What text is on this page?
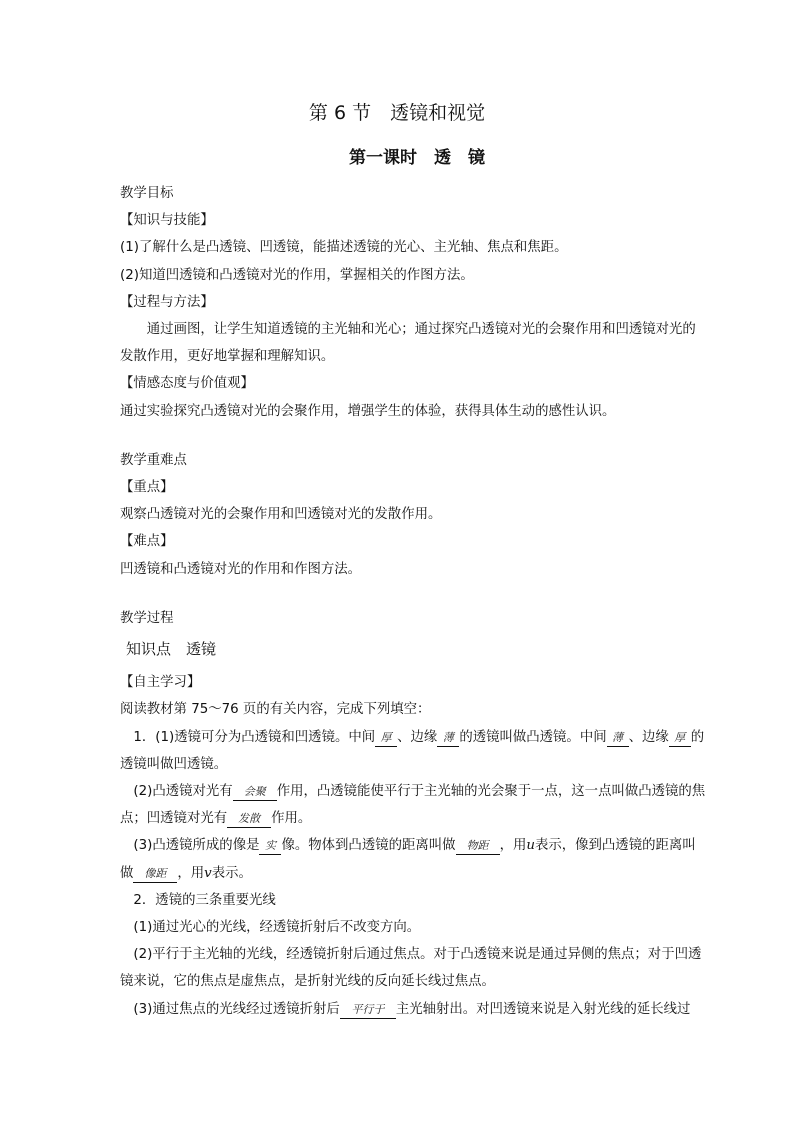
第 6 节　透镜和视觉
第一课时　透　镜

教学目标

【知识与技能】

(1)了解什么是凸透镜、凹透镜，能描述透镜的光心、主光轴、焦点和焦距。

(2)知道凹透镜和凸透镜对光的作用，掌握相关的作图方法。

【过程与方法】

通过画图，让学生知道透镜的主光轴和光心；通过探究凸透镜对光的会聚作用和凹透镜对光的发散作用，更好地掌握和理解知识。

【情感态度与价值观】

通过实验探究凸透镜对光的会聚作用，增强学生的体验，获得具体生动的感性认识。

教学重难点

【重点】

观察凸透镜对光的会聚作用和凹透镜对光的发散作用。

【难点】

凹透镜和凸透镜对光的作用和作图方法。

教学过程

知识点　透镜

【自主学习】

阅读教材第 75～76 页的有关内容，完成下列填空：

1．(1)透镜可分为凸透镜和凹透镜。中间 厚 、边缘 薄 的透镜叫做凸透镜。中间 薄 、边缘 厚 的透镜叫做凹透镜。

(2)凸透镜对光有 会聚 作用，凸透镜能使平行于主光轴的光会聚于一点，这一点叫做凸透镜的焦点；凹透镜对光有 发散 作用。

(3)凸透镜所成的像是 实 像。物体到凸透镜的距离叫做 物距 ，用u表示，像到凸透镜的距离叫做 像距 ，用v表示。

2．透镜的三条重要光线

(1)通过光心的光线，经透镜折射后不改变方向。

(2)平行于主光轴的光线，经透镜折射后通过焦点。对于凸透镜来说是通过异侧的焦点；对于凹透镜来说，它的焦点是虚焦点，是折射光线的反向延长线过焦点。

(3)通过焦点的光线经过透镜折射后 平行于 主光轴射出。对凹透镜来说是入射光线的延长线过
